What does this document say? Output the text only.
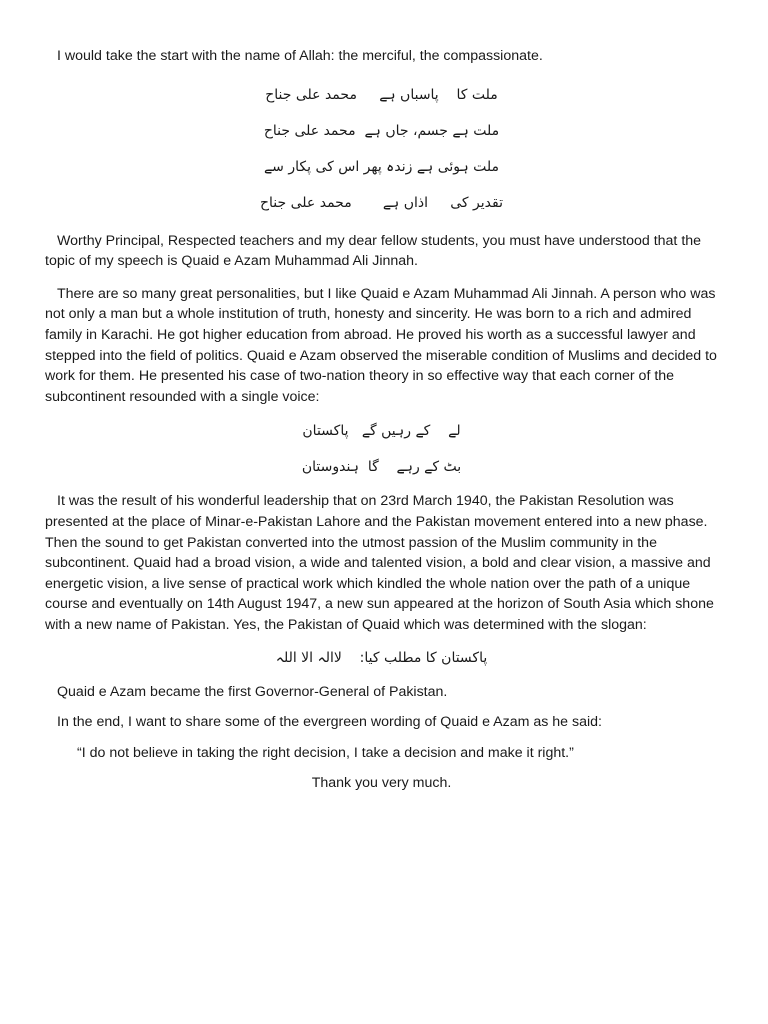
I would take the start with the name of Allah: the merciful, the compassionate.

ملت کا    پاسباں ہے     محمد علی جناح

ملت ہے جسم، جاں ہے  محمد علی جناح

ملت ہوئی ہے زندہ پھر اس کی پکار سے

تقدیر کی     اذاں ہے       محمد علی جناح

Worthy Principal, Respected teachers and my dear fellow students, you must have understood that the topic of my speech is Quaid e Azam Muhammad Ali Jinnah.

There are so many great personalities, but I like Quaid e Azam Muhammad Ali Jinnah. A person who was not only a man but a whole institution of truth, honesty and sincerity. He was born to a rich and admired family in Karachi. He got higher education from abroad. He proved his worth as a successful lawyer and stepped into the field of politics. Quaid e Azam observed the miserable condition of Muslims and decided to work for them. He presented his case of two-nation theory in so effective way that each corner of the subcontinent resounded with a single voice:

لے    کے رہیں گے   پاکستان

بٹ کے رہے    گا  ہندوستان

It was the result of his wonderful leadership that on 23rd March 1940, the Pakistan Resolution was presented at the place of Minar-e-Pakistan Lahore and the Pakistan movement entered into a new phase. Then the sound to get Pakistan converted into the utmost passion of the Muslim community in the subcontinent. Quaid had a broad vision, a wide and talented vision, a bold and clear vision, a massive and energetic vision, a live sense of practical work which kindled the whole nation over the path of a unique course and eventually on 14th August 1947, a new sun appeared at the horizon of South Asia which shone with a new name of Pakistan. Yes, the Pakistan of Quaid which was determined with the slogan:

پاکستان کا مطلب کیا:    لاالہ الا اللہ

Quaid e Azam became the first Governor-General of Pakistan.

In the end, I want to share some of the evergreen wording of Quaid e Azam as he said:

“I do not believe in taking the right decision, I take a decision and make it right.”

Thank you very much.
